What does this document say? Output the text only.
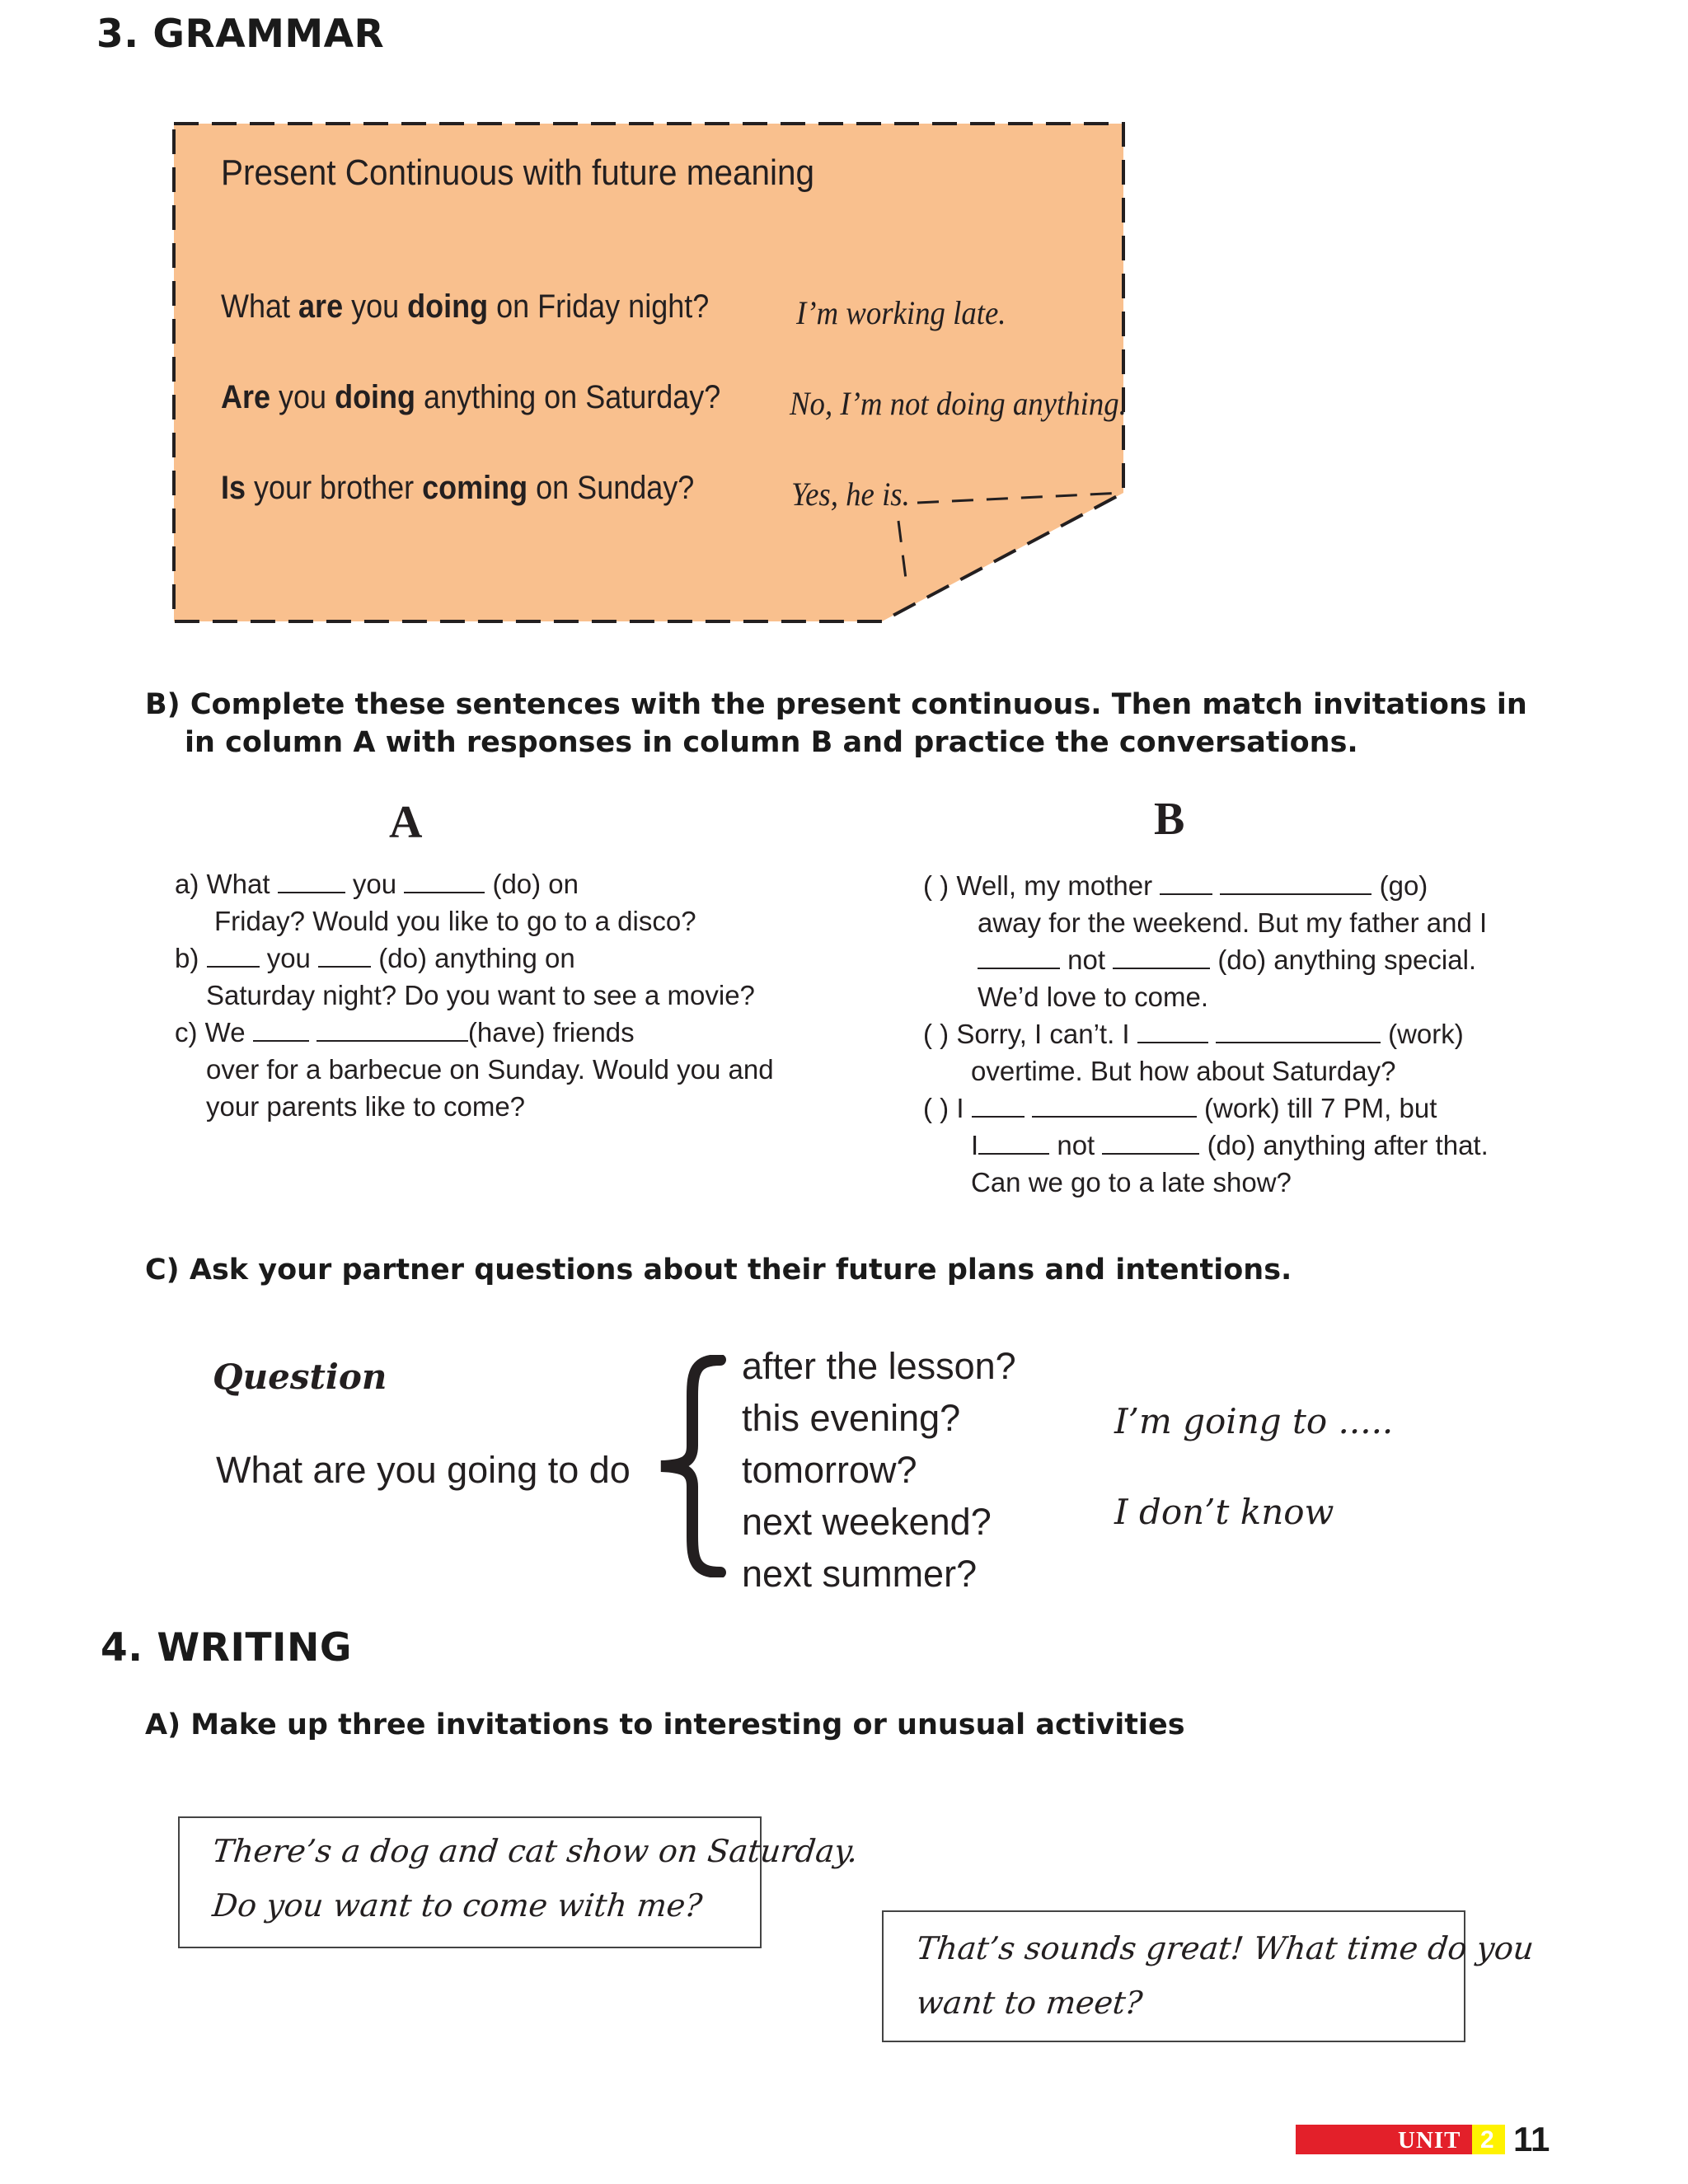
3. GRAMMAR
Present Continuous with future meaning
What are you doing on Friday night?	I’m working late.
Are you doing anything on Saturday? No, I’m not doing anything.
Is your brother coming on Sunday?	Yes, he is.
B) Complete these sentences with the present continuous. Then match invitations in
in column A with responses in column B and practice the conversations.
A	B
a) What	you	(do) on
Friday? Would you like to go to a disco?
b) you (do) anything on
Saturday night? Do you want to see a movie?
c) We	(have) friends
over for a barbecue on Sunday. Would you and
your parents like to come?
( ) Well, my mother	(go)
away for the weekend. But my father and I
not	(do) anything special.
We’d love to come.
( ) Sorry, I can’t. I	(work)
overtime. But how about Saturday?
( ) I	(work) till 7 PM, but
I	not	(do) anything after that.
Can we go to a late show?
C) Ask your partner questions about their future plans and intentions.
Question
What are you going to do
after the lesson?
this evening?
tomorrow?
next weekend?
next summer?
I’m going to .....
I don’t know
4. WRITING
A) Make up three invitations to interesting or unusual activities
There’s a dog and cat show on Saturday.
Do you want to come with me?
That’s sounds great! What time do you
want to meet?
UNIT 2 11
